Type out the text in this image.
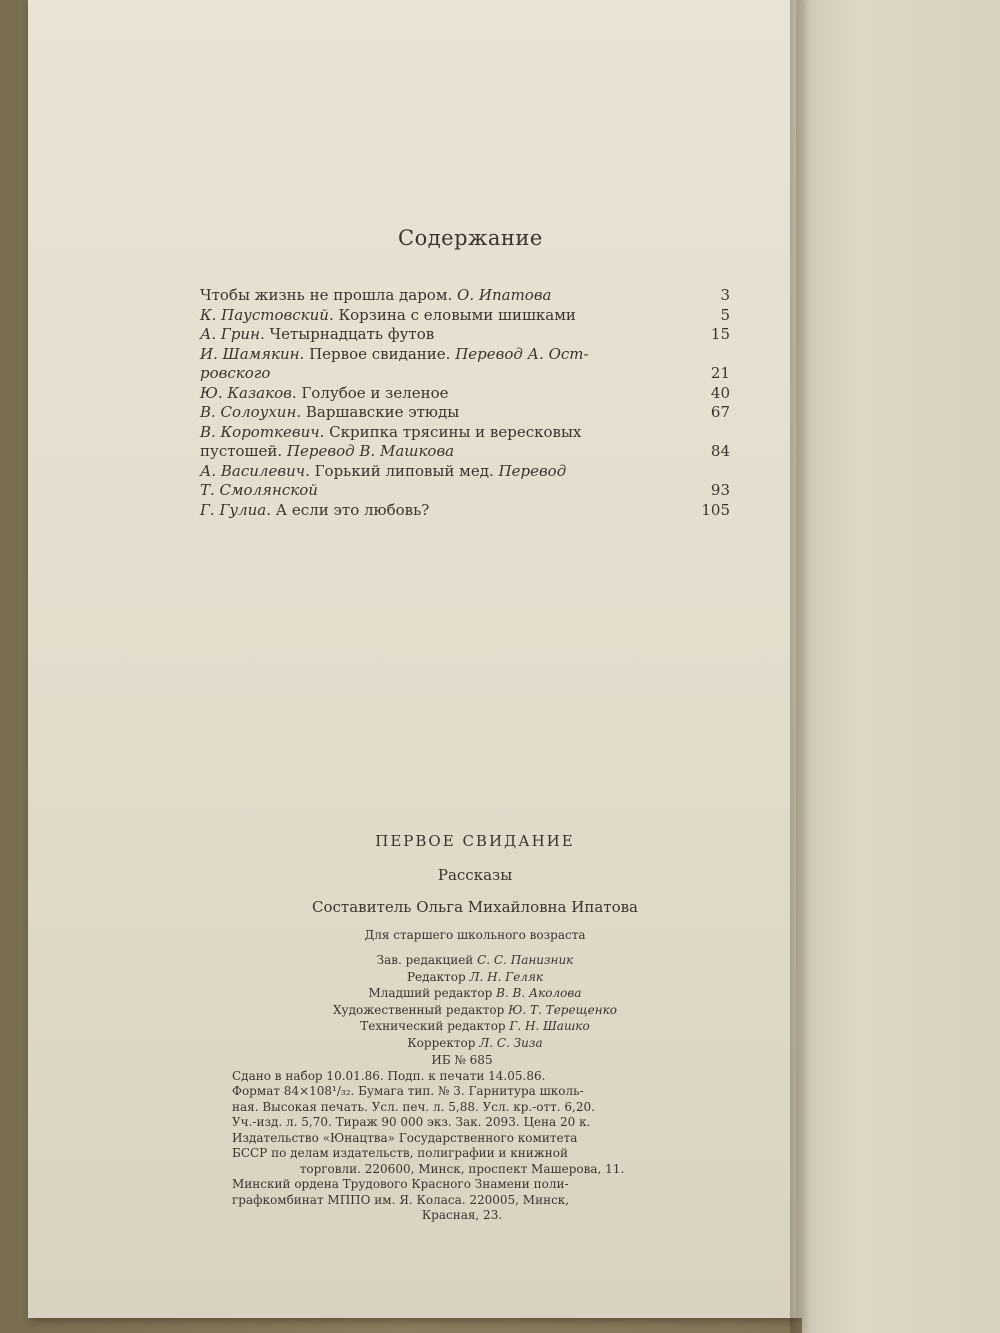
Содержание
Чтобы жизнь не прошла даром. О. Ипатова	3
К. Паустовский. Корзина с еловыми шишками	5
А. Грин. Четырнадцать футов	15
И. Шамякин. Первое свидание. Перевод А. Ост-
ровского	21
Ю. Казаков. Голубое и зеленое	40
В. Солоухин. Варшавские этюды	67
В. Короткевич. Скрипка трясины и вересковых
пустошей. Перевод В. Машкова	84
А. Василевич. Горький липовый мед. Перевод
Т. Смолянской	93
Г. Гулиа. А если это любовь?	105
ПЕРВОЕ СВИДАНИЕ
Рассказы
Составитель Ольга Михайловна Ипатова
Для старшего школьного возраста
Зав. редакцией С. С. Панизник
Редактор Л. Н. Геляк
Младший редактор В. В. Аколова
Художественный редактор Ю. Т. Терещенко
Технический редактор Г. Н. Шашко
Корректор Л. С. Зиза
ИБ № 685
Сдано в набор 10.01.86. Подп. к печати 14.05.86.
Формат 84×108¹/₃₂. Бумага тип. № 3. Гарнитура школь-
ная. Высокая печать. Усл. печ. л. 5,88. Усл. кр.-отт. 6,20.
Уч.-изд. л. 5,70. Тираж 90 000 экз. Зак. 2093. Цена 20 к.
Издательство «Юнацтва» Государственного комитета
БССР по делам издательств, полиграфии и книжной
торговли. 220600, Минск, проспект Машерова, 11.
Минский ордена Трудового Красного Знамени поли-
графкомбинат МППО им. Я. Коласа. 220005, Минск,
Красная, 23.
